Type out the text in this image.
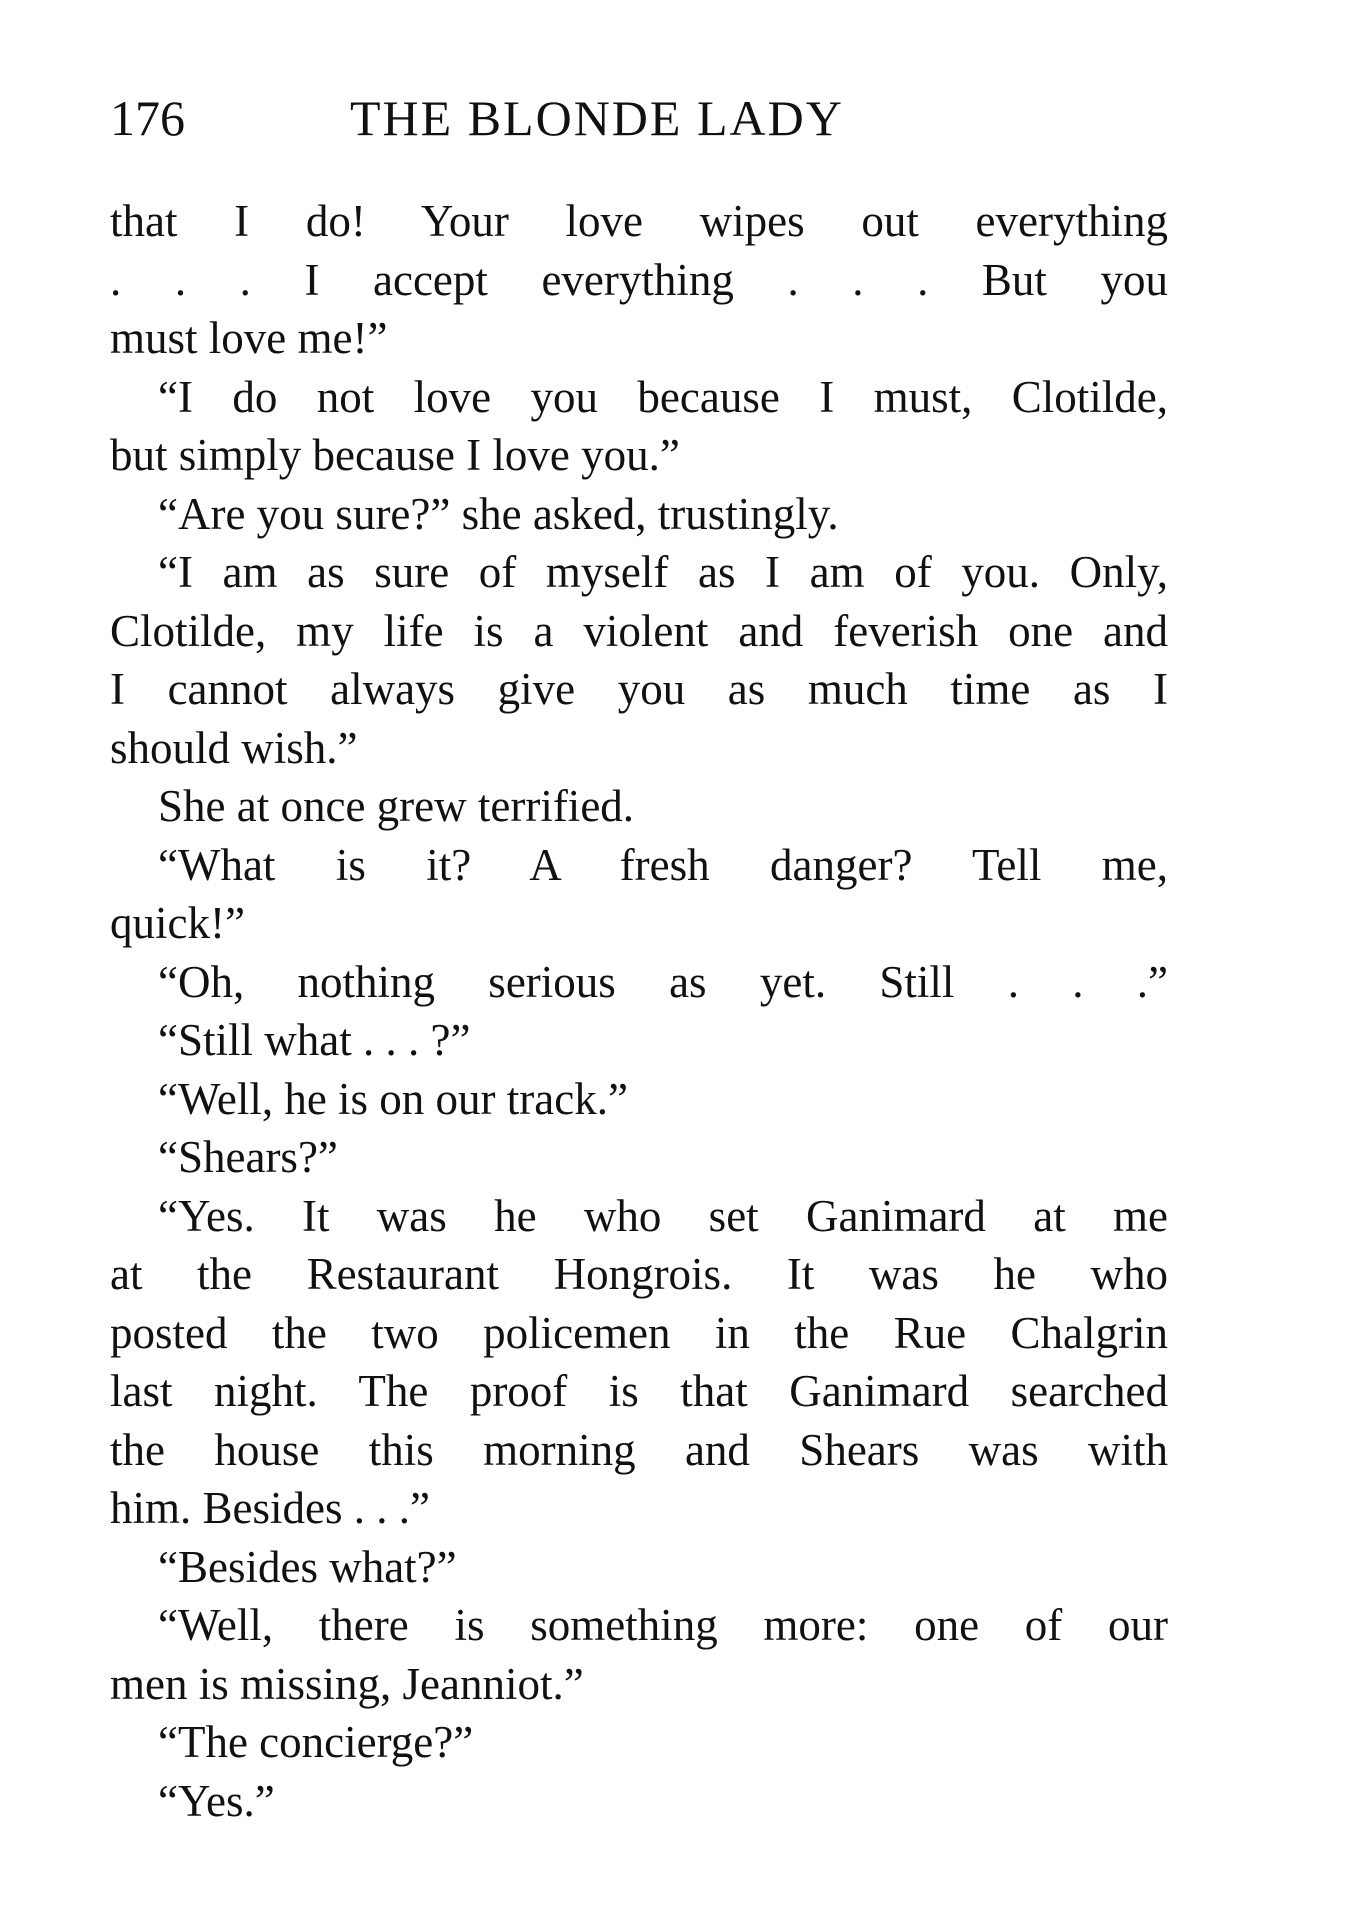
176	THE BLONDE LADY
that I do! Your love wipes out everything
. . . I accept everything . . . But you
must love me!”
“I do not love you because I must, Clotilde,
but simply because I love you.”
“Are you sure?” she asked, trustingly.
“I am as sure of myself as I am of you. Only,
Clotilde, my life is a violent and feverish one and
I cannot always give you as much time as I
should wish.”
She at once grew terrified.
“What is it? A fresh danger? Tell me,
quick!”
“Oh, nothing serious as yet. Still . . .”
“Still what . . . ?”
“Well, he is on our track.”
“Shears?”
“Yes. It was he who set Ganimard at me
at the Restaurant Hongrois. It was he who
posted the two policemen in the Rue Chalgrin
last night. The proof is that Ganimard searched
the house this morning and Shears was with
him. Besides . . .”
“Besides what?”
“Well, there is something more: one of our
men is missing, Jeanniot.”
“The concierge?”
“Yes.”
